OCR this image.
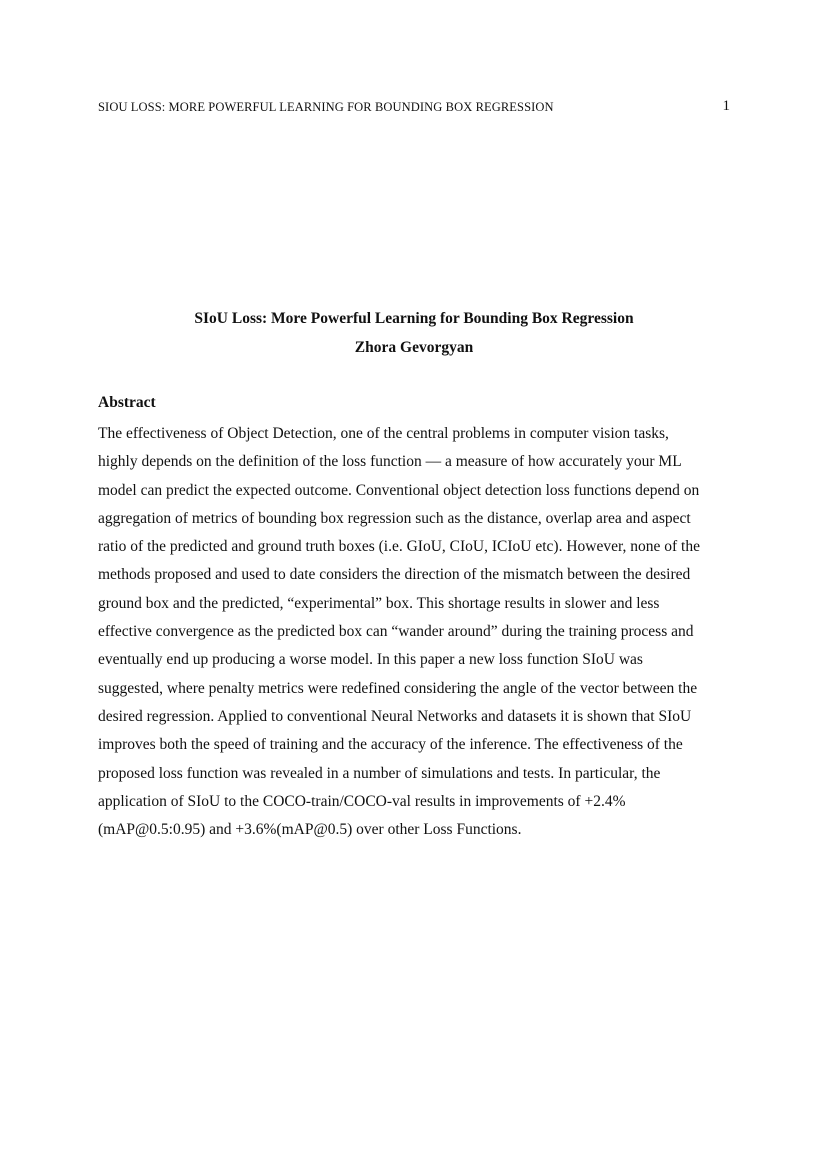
SIOU LOSS: MORE POWERFUL LEARNING FOR BOUNDING BOX REGRESSION	1
SIoU Loss: More Powerful Learning for Bounding Box Regression
Zhora Gevorgyan
Abstract

The effectiveness of Object Detection, one of the central problems in computer vision tasks,
highly depends on the definition of the loss function — a measure of how accurately your ML
model can predict the expected outcome. Conventional object detection loss functions depend on
aggregation of metrics of bounding box regression such as the distance, overlap area and aspect
ratio of the predicted and ground truth boxes (i.e. GIoU, CIoU, ICIoU etc). However, none of the
methods proposed and used to date considers the direction of the mismatch between the desired
ground box and the predicted, “experimental” box. This shortage results in slower and less
effective convergence as the predicted box can “wander around” during the training process and
eventually end up producing a worse model. In this paper a new loss function SIoU was
suggested, where penalty metrics were redefined considering the angle of the vector between the
desired regression. Applied to conventional Neural Networks and datasets it is shown that SIoU
improves both the speed of training and the accuracy of the inference. The effectiveness of the
proposed loss function was revealed in a number of simulations and tests. In particular, the
application of SIoU to the COCO-train/COCO-val results in improvements of +2.4%
(mAP@0.5:0.95) and +3.6%(mAP@0.5) over other Loss Functions.
